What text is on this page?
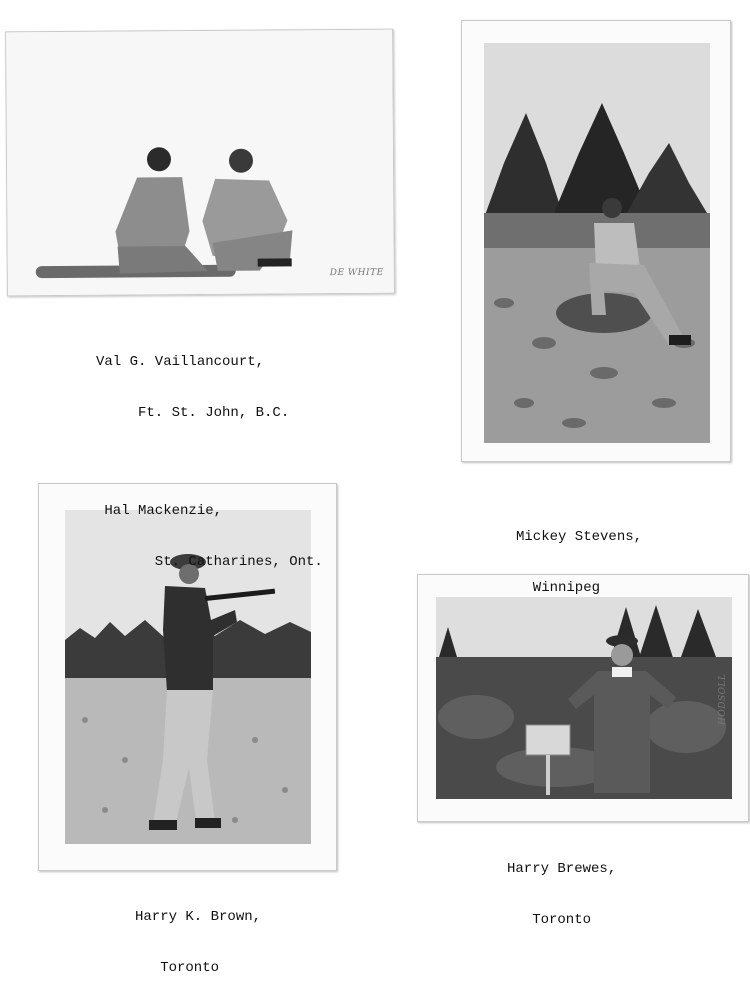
DE WHITE
HODSOLL

Val G. Vaillancourt,

Ft. St. John, B.C.

Hal Mackenzie,

St. Catharines, Ont.

Mickey Stevens,

Winnipeg

Harry K. Brown,

Toronto

Harry Brewes,

Toronto
